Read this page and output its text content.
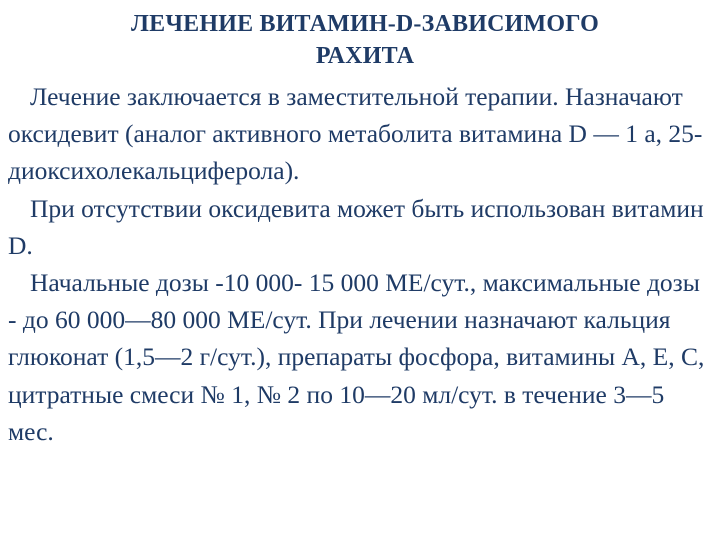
ЛЕЧЕНИЕ ВИТАМИН-D-ЗАВИСИМОГО
РАХИТА

Лечение заключается в заместительной терапии. Назначают оксидевит (аналог активного метаболита витамина D — 1 а, 25-диоксихолекальциферола).

При отсутствии оксидевита может быть использован витамин D.

Начальные дозы -10 000- 15 000 МЕ/сут., максимальные дозы - до 60 000—80 000 МЕ/сут. При лечении назначают кальция глюконат (1,5—2 г/сут.), препараты фосфора, витамины А, Е, С, цитратные смеси № 1, № 2 по 10—20 мл/сут. в течение 3—5 мес.
